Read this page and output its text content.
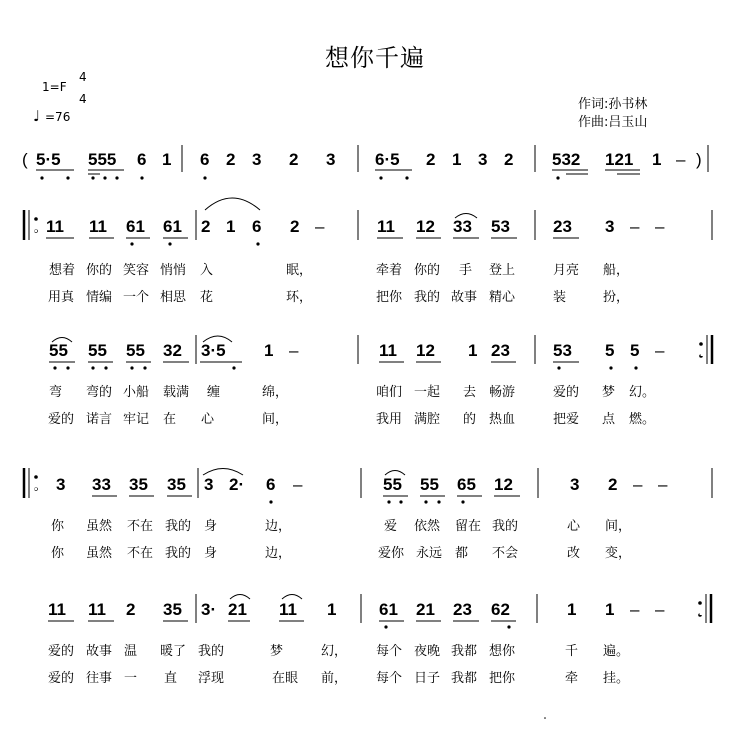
想你千遍
1=F
4
4
♩ =76
作词:孙书林
作曲:吕玉山
( 5·5 555 6 1 6 2 3 2 3 6·5 2 1 3 2 532 121 1 – )
: 11 11 61 61 2 1 6 2 –	11 12 33 53	23 3 – –
想着 你的 笑容 悄悄 入	眠，	牵着 你的 手 登上	月亮 船，
用真 情编 一个 相思 花	环，	把你 我的 故事 精心	装	扮，
55 55 55 32 3·5 1 –	11 12 1 23	53 5 5 – :
弯 弯的 小船 载满 缠	绵，	咱们 一起 去 畅游	爱的 梦 幻。
爱的 诺言 牢记 在 心	间，	我用 满腔 的 热血	把爱 点 燃。
: 3 33 35 35 3 2· 6 –	55 55 65 12	3 2 – –
你 虽然 不在 我的 身	边，	爱 依然 留在 我的	心 间，
你 虽然 不在 我的 身	边，	爱你 永远 都 不会	改 变，
11 11 2 35 3· 21 11 1	61 21 23 62	1 1 – – :
爱的 故事 温 暖了 我的	梦	幻， 每个 夜晚 我都 想你	千 遍。
爱的 往事 一 直 浮现	在眼 前， 每个 日子 我都 把你	牵 挂。
